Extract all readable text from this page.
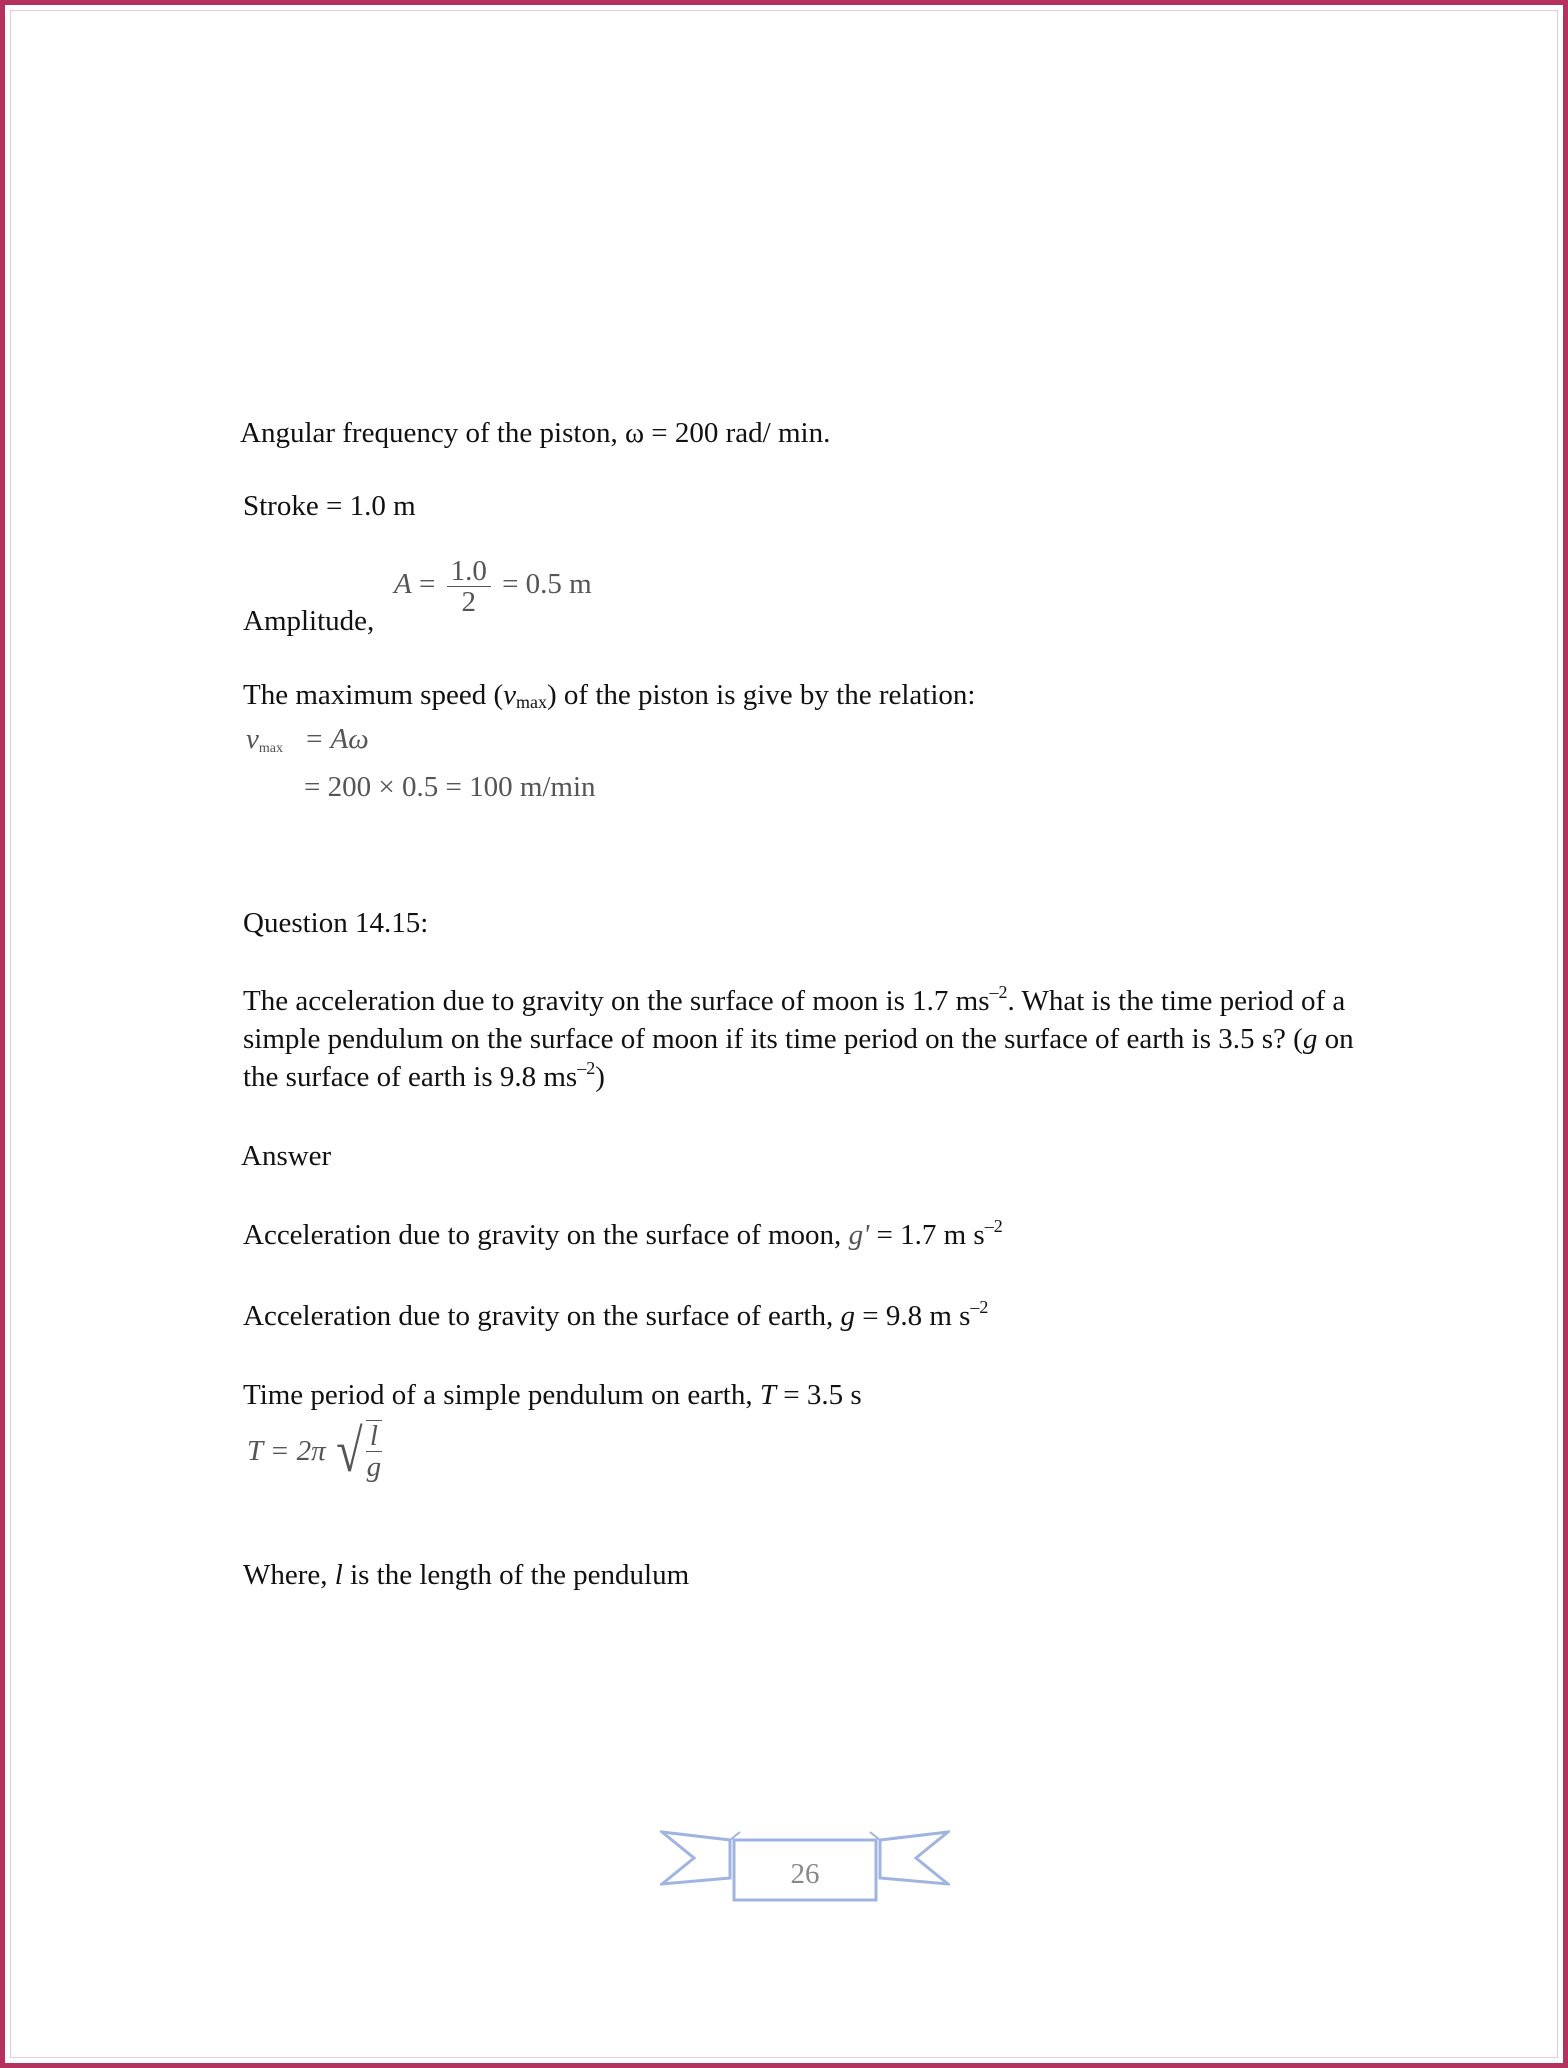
Angular frequency of the piston, ω = 200 rad/ min.
Stroke = 1.0 m
Amplitude,
$A = \frac{1.0}{2} = 0.5$ m
The maximum speed $(v_{max})$ of the piston is give by the relation:
$v_{max} = A\omega$
= 200 × 0.5 = 100 m/min
Question 14.15:
The acceleration due to gravity on the surface of moon is 1.7 $ms^{-2}$. What is the time period of a simple pendulum on the surface of moon if its time period on the surface of earth is 3.5 s? (g on the surface of earth is 9.8 $ms^{-2}$)
Answer
Acceleration due to gravity on the surface of moon, g' = 1.7 m $s^{-2}$
Acceleration due to gravity on the surface of earth, g = 9.8 m $s^{-2}$
Time period of a simple pendulum on earth, T = 3.5 s
T = 2π √ $\frac{l}{g}$
Where, l is the length of the pendulum
26
